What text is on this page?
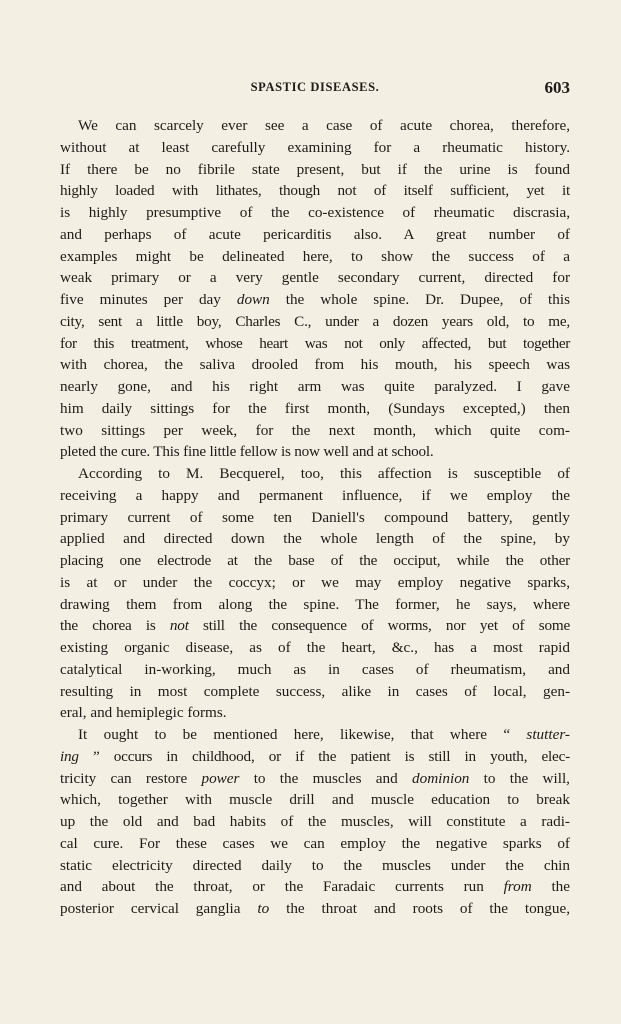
SPASTIC DISEASES.	603
We can scarcely ever see a case of acute chorea, therefore,
without at least carefully examining for a rheumatic history.
If there be no fibrile state present, but if the urine is found
highly loaded with lithates, though not of itself sufficient, yet it
is highly presumptive of the co-existence of rheumatic discrasia,
and perhaps of acute pericarditis also. A great number of
examples might be delineated here, to show the success of a
weak primary or a very gentle secondary current, directed for
five minutes per day down the whole spine. Dr. Dupee, of this
city, sent a little boy, Charles C., under a dozen years old, to me,
for this treatment, whose heart was not only affected, but together
with chorea, the saliva drooled from his mouth, his speech was
nearly gone, and his right arm was quite paralyzed. I gave
him daily sittings for the first month, (Sundays excepted,) then
two sittings per week, for the next month, which quite com-
pleted the cure. This fine little fellow is now well and at school.
According to M. Becquerel, too, this affection is susceptible of
receiving a happy and permanent influence, if we employ the
primary current of some ten Daniell's compound battery, gently
applied and directed down the whole length of the spine, by
placing one electrode at the base of the occiput, while the other
is at or under the coccyx; or we may employ negative sparks,
drawing them from along the spine. The former, he says, where
the chorea is not still the consequence of worms, nor yet of some
existing organic disease, as of the heart, &c., has a most rapid
catalytical in-working, much as in cases of rheumatism, and
resulting in most complete success, alike in cases of local, gen-
eral, and hemiplegic forms.
It ought to be mentioned here, likewise, that where “ stutter-
ing ” occurs in childhood, or if the patient is still in youth, elec-
tricity can restore power to the muscles and dominion to the will,
which, together with muscle drill and muscle education to break
up the old and bad habits of the muscles, will constitute a radi-
cal cure. For these cases we can employ the negative sparks of
static electricity directed daily to the muscles under the chin
and about the throat, or the Faradaic currents run from the
posterior cervical ganglia to the throat and roots of the tongue,
